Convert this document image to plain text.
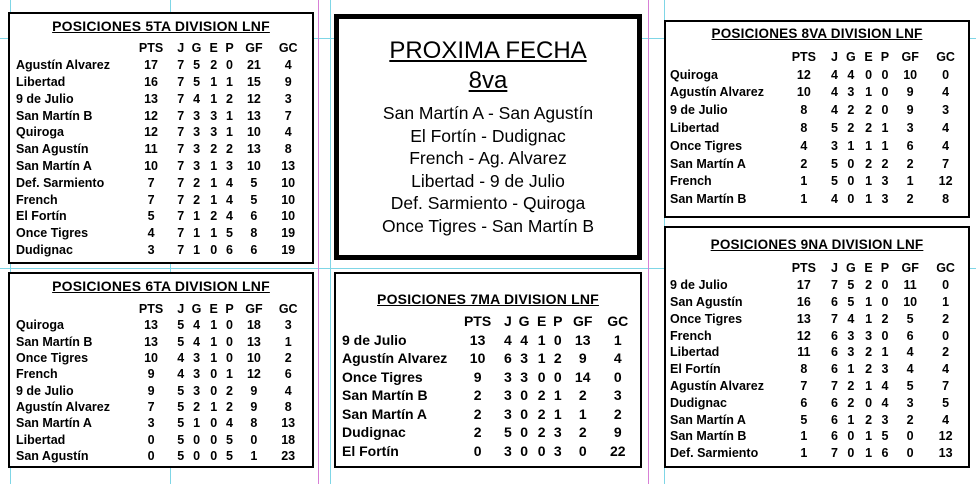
POSICIONES 5TA DIVISION LNF
	PTS	J	G	E	P	GF	GC
Agustín Alvarez	17	7	5	2	0	21	4
Libertad	16	7	5	1	1	15	9
9 de Julio	13	7	4	1	2	12	3
San Martín B	12	7	3	3	1	13	7
Quiroga	12	7	3	3	1	10	4
San Agustín	11	7	3	2	2	13	8
San Martín A	10	7	3	1	3	10	13
Def. Sarmiento	7	7	2	1	4	5	10
French	7	7	2	1	4	5	10
El Fortín	5	7	1	2	4	6	10
Once Tigres	4	7	1	1	5	8	19
Dudignac	3	7	1	0	6	6	19
POSICIONES 6TA DIVISION LNF
	PTS	J	G	E	P	GF	GC
Quiroga	13	5	4	1	0	18	3
San Martín B	13	5	4	1	0	13	1
Once Tigres	10	4	3	1	0	10	2
French	9	4	3	0	1	12	6
9 de Julio	9	5	3	0	2	9	4
Agustín Alvarez	7	5	2	1	2	9	8
San Martín A	3	5	1	0	4	8	13
Libertad	0	5	0	0	5	0	18
San Agustín	0	5	0	0	5	1	23
PROXIMA FECHA
8va
San Martín A - San Agustín
El Fortín - Dudignac
French - Ag. Alvarez
Libertad - 9 de Julio
Def. Sarmiento - Quiroga
Once Tigres - San Martín B
POSICIONES 7MA DIVISION LNF
	PTS	J	G	E	P	GF	GC
9 de Julio	13	4	4	1	0	13	1
Agustín Alvarez	10	6	3	1	2	9	4
Once Tigres	9	3	3	0	0	14	0
San Martín B	2	3	0	2	1	2	3
San Martín A	2	3	0	2	1	1	2
Dudignac	2	5	0	2	3	2	9
El Fortín	0	3	0	0	3	0	22
POSICIONES 8VA DIVISION LNF
	PTS	J	G	E	P	GF	GC
Quiroga	12	4	4	0	0	10	0
Agustín Alvarez	10	4	3	1	0	9	4
9 de Julio	8	4	2	2	0	9	3
Libertad	8	5	2	2	1	3	4
Once Tigres	4	3	1	1	1	6	4
San Martín A	2	5	0	2	2	2	7
French	1	5	0	1	3	1	12
San Martín B	1	4	0	1	3	2	8
POSICIONES 9NA DIVISION LNF
	PTS	J	G	E	P	GF	GC
9 de Julio	17	7	5	2	0	11	0
San Agustín	16	6	5	1	0	10	1
Once Tigres	13	7	4	1	2	5	2
French	12	6	3	3	0	6	0
Libertad	11	6	3	2	1	4	2
El Fortín	8	6	1	2	3	4	4
Agustín Alvarez	7	7	2	1	4	5	7
Dudignac	6	6	2	0	4	3	5
San Martín A	5	6	1	2	3	2	4
San Martín B	1	6	0	1	5	0	12
Def. Sarmiento	1	7	0	1	6	0	13
